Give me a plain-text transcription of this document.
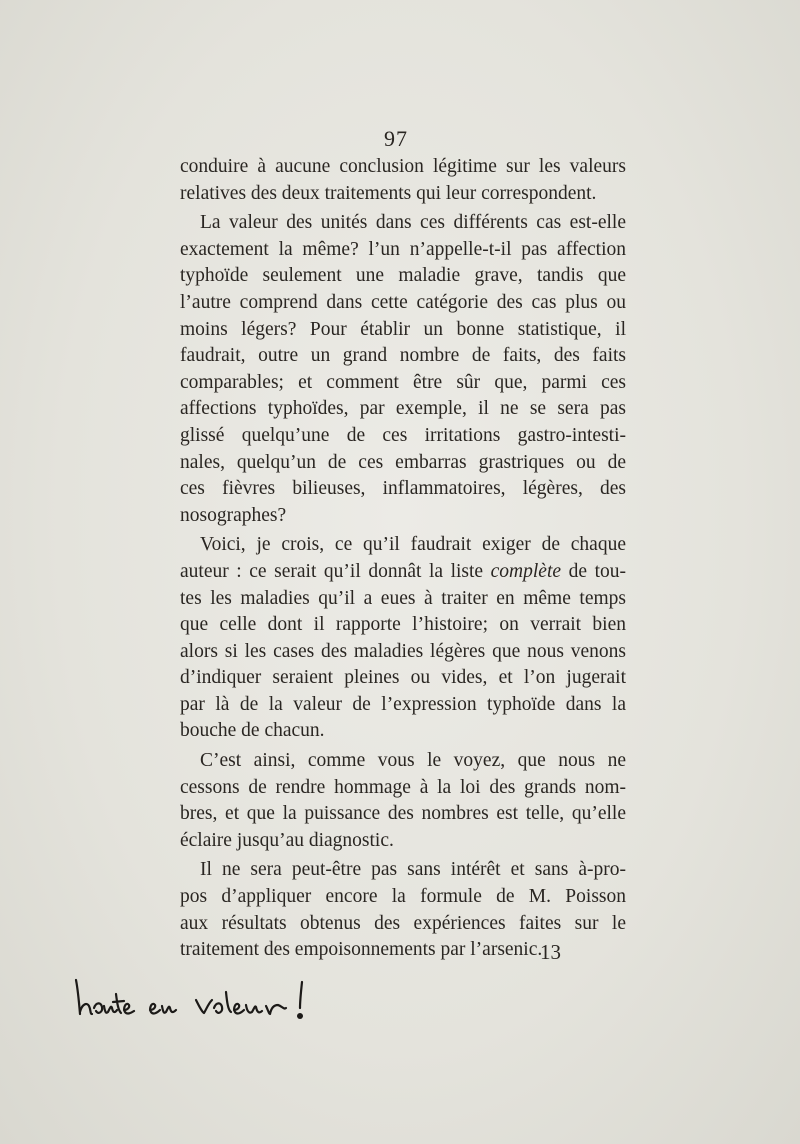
97
conduire à aucune conclusion légitime sur les valeurs
relatives des deux traitements qui leur correspondent.
La valeur des unités dans ces différents cas est-elle
exactement la même? l’un n’appelle-t-il pas affection
typhoïde seulement une maladie grave, tandis que
l’autre comprend dans cette catégorie des cas plus ou
moins légers? Pour établir un bonne statistique, il
faudrait, outre un grand nombre de faits, des faits
comparables; et comment être sûr que, parmi ces
affections typhoïdes, par exemple, il ne se sera pas
glissé quelqu’une de ces irritations gastro-intesti-
nales, quelqu’un de ces embarras grastriques ou de
ces fièvres bilieuses, inflammatoires, légères, des
nosographes?
Voici, je crois, ce qu’il faudrait exiger de chaque
auteur : ce serait qu’il donnât la liste complète de tou-
tes les maladies qu’il a eues à traiter en même temps
que celle dont il rapporte l’histoire; on verrait bien
alors si les cases des maladies légères que nous venons
d’indiquer seraient pleines ou vides, et l’on jugerait
par là de la valeur de l’expression typhoïde dans la
bouche de chacun.
C’est ainsi, comme vous le voyez, que nous ne
cessons de rendre hommage à la loi des grands nom-
bres, et que la puissance des nombres est telle, qu’elle
éclaire jusqu’au diagnostic.
Il ne sera peut-être pas sans intérêt et sans à-pro-
pos d’appliquer encore la formule de M. Poisson
aux résultats obtenus des expériences faites sur le
traitement des empoisonnements par l’arsenic.
13
